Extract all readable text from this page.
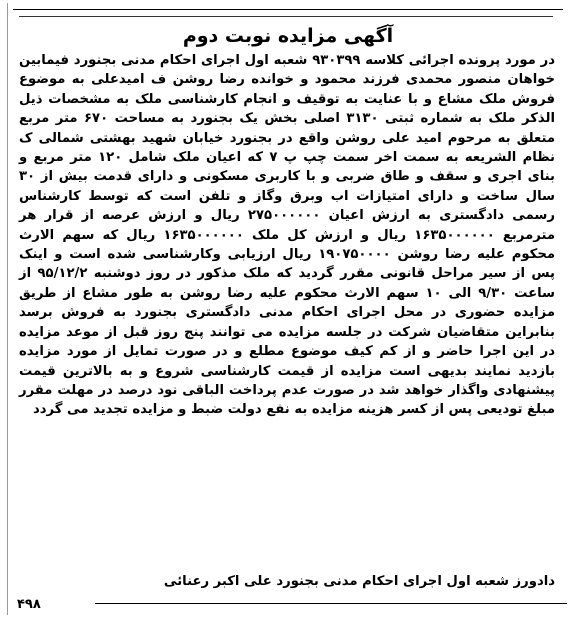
آگهی مزایده نوبت دوم

در مورد پرونده اجرائی کلاسه ۹۳۰۳۹۹ شعبه اول اجرای احکام مدنی بجنورد فیمابین خواهان منصور محمدی فرزند محمود و خوانده رضا روشن ف امیدعلی به موضوع فروش ملک مشاع و با عنایت به توقیف و انجام کارشناسی ملک به مشخصات ذیل الذکر ملک به شماره ثبتی ۳۱۳۰ اصلی بخش یک بجنورد به مساحت ۶۷۰ متر مربع متعلق به مرحوم امید علی روشن واقع در بجنورد خیابان شهید بهشتی شمالی ک نظام الشریعه به سمت اخر سمت چپ پ ۷ که اعیان ملک شامل ۱۲۰ متر مربع و بنای اجری و سقف و طاق ضربی و با کاربری مسکونی و دارای قدمت بیش از ۳۰ سال ساخت و دارای امتیازات اب وبرق وگاز و تلفن است که توسط کارشناس رسمی دادگستری به ارزش اعیان ۲۷۵۰۰۰۰۰۰ ریال و ارزش عرصه از قرار هر مترمربع ۱۶۳۵۰۰۰۰۰۰ ریال و ارزش کل ملک ۱۶۳۵۰۰۰۰۰۰ ریال که سهم الارث محکوم علیه رضا روشن ۱۹۰۷۵۰۰۰۰ ریال ارزیابی وکارشناسی شده است و اینک پس از سیر مراحل قانونی مقرر گردید که ملک مذکور در روز دوشنبه ۹۵/۱۲/۲ از ساعت ۹/۳۰ الی ۱۰ سهم الارث محکوم علیه رضا روشن به طور مشاع از طریق مزایده حضوری در محل اجرای احکام مدنی دادگستری بجنورد به فروش برسد بنابراین متقاضیان شرکت در جلسه مزایده می توانند پنج روز قبل از موعد مزایده در این اجرا حاضر و از کم کیف موضوع مطلع و در صورت تمایل از مورد مزایده بازدید نمایند بدیهی است مزایده از قیمت کارشناسی شروع و به بالاترین قیمت پیشنهادی واگذار خواهد شد در صورت عدم پرداخت الباقی نود درصد در مهلت مقرر مبلغ تودیعی پس از کسر هزینه مزایده به نفع دولت ضبط و مزایده تجدید می گردد

دادورز شعبه اول اجرای احکام مدنی بجنورد علی اکبر رعنائی
۴۹۸
